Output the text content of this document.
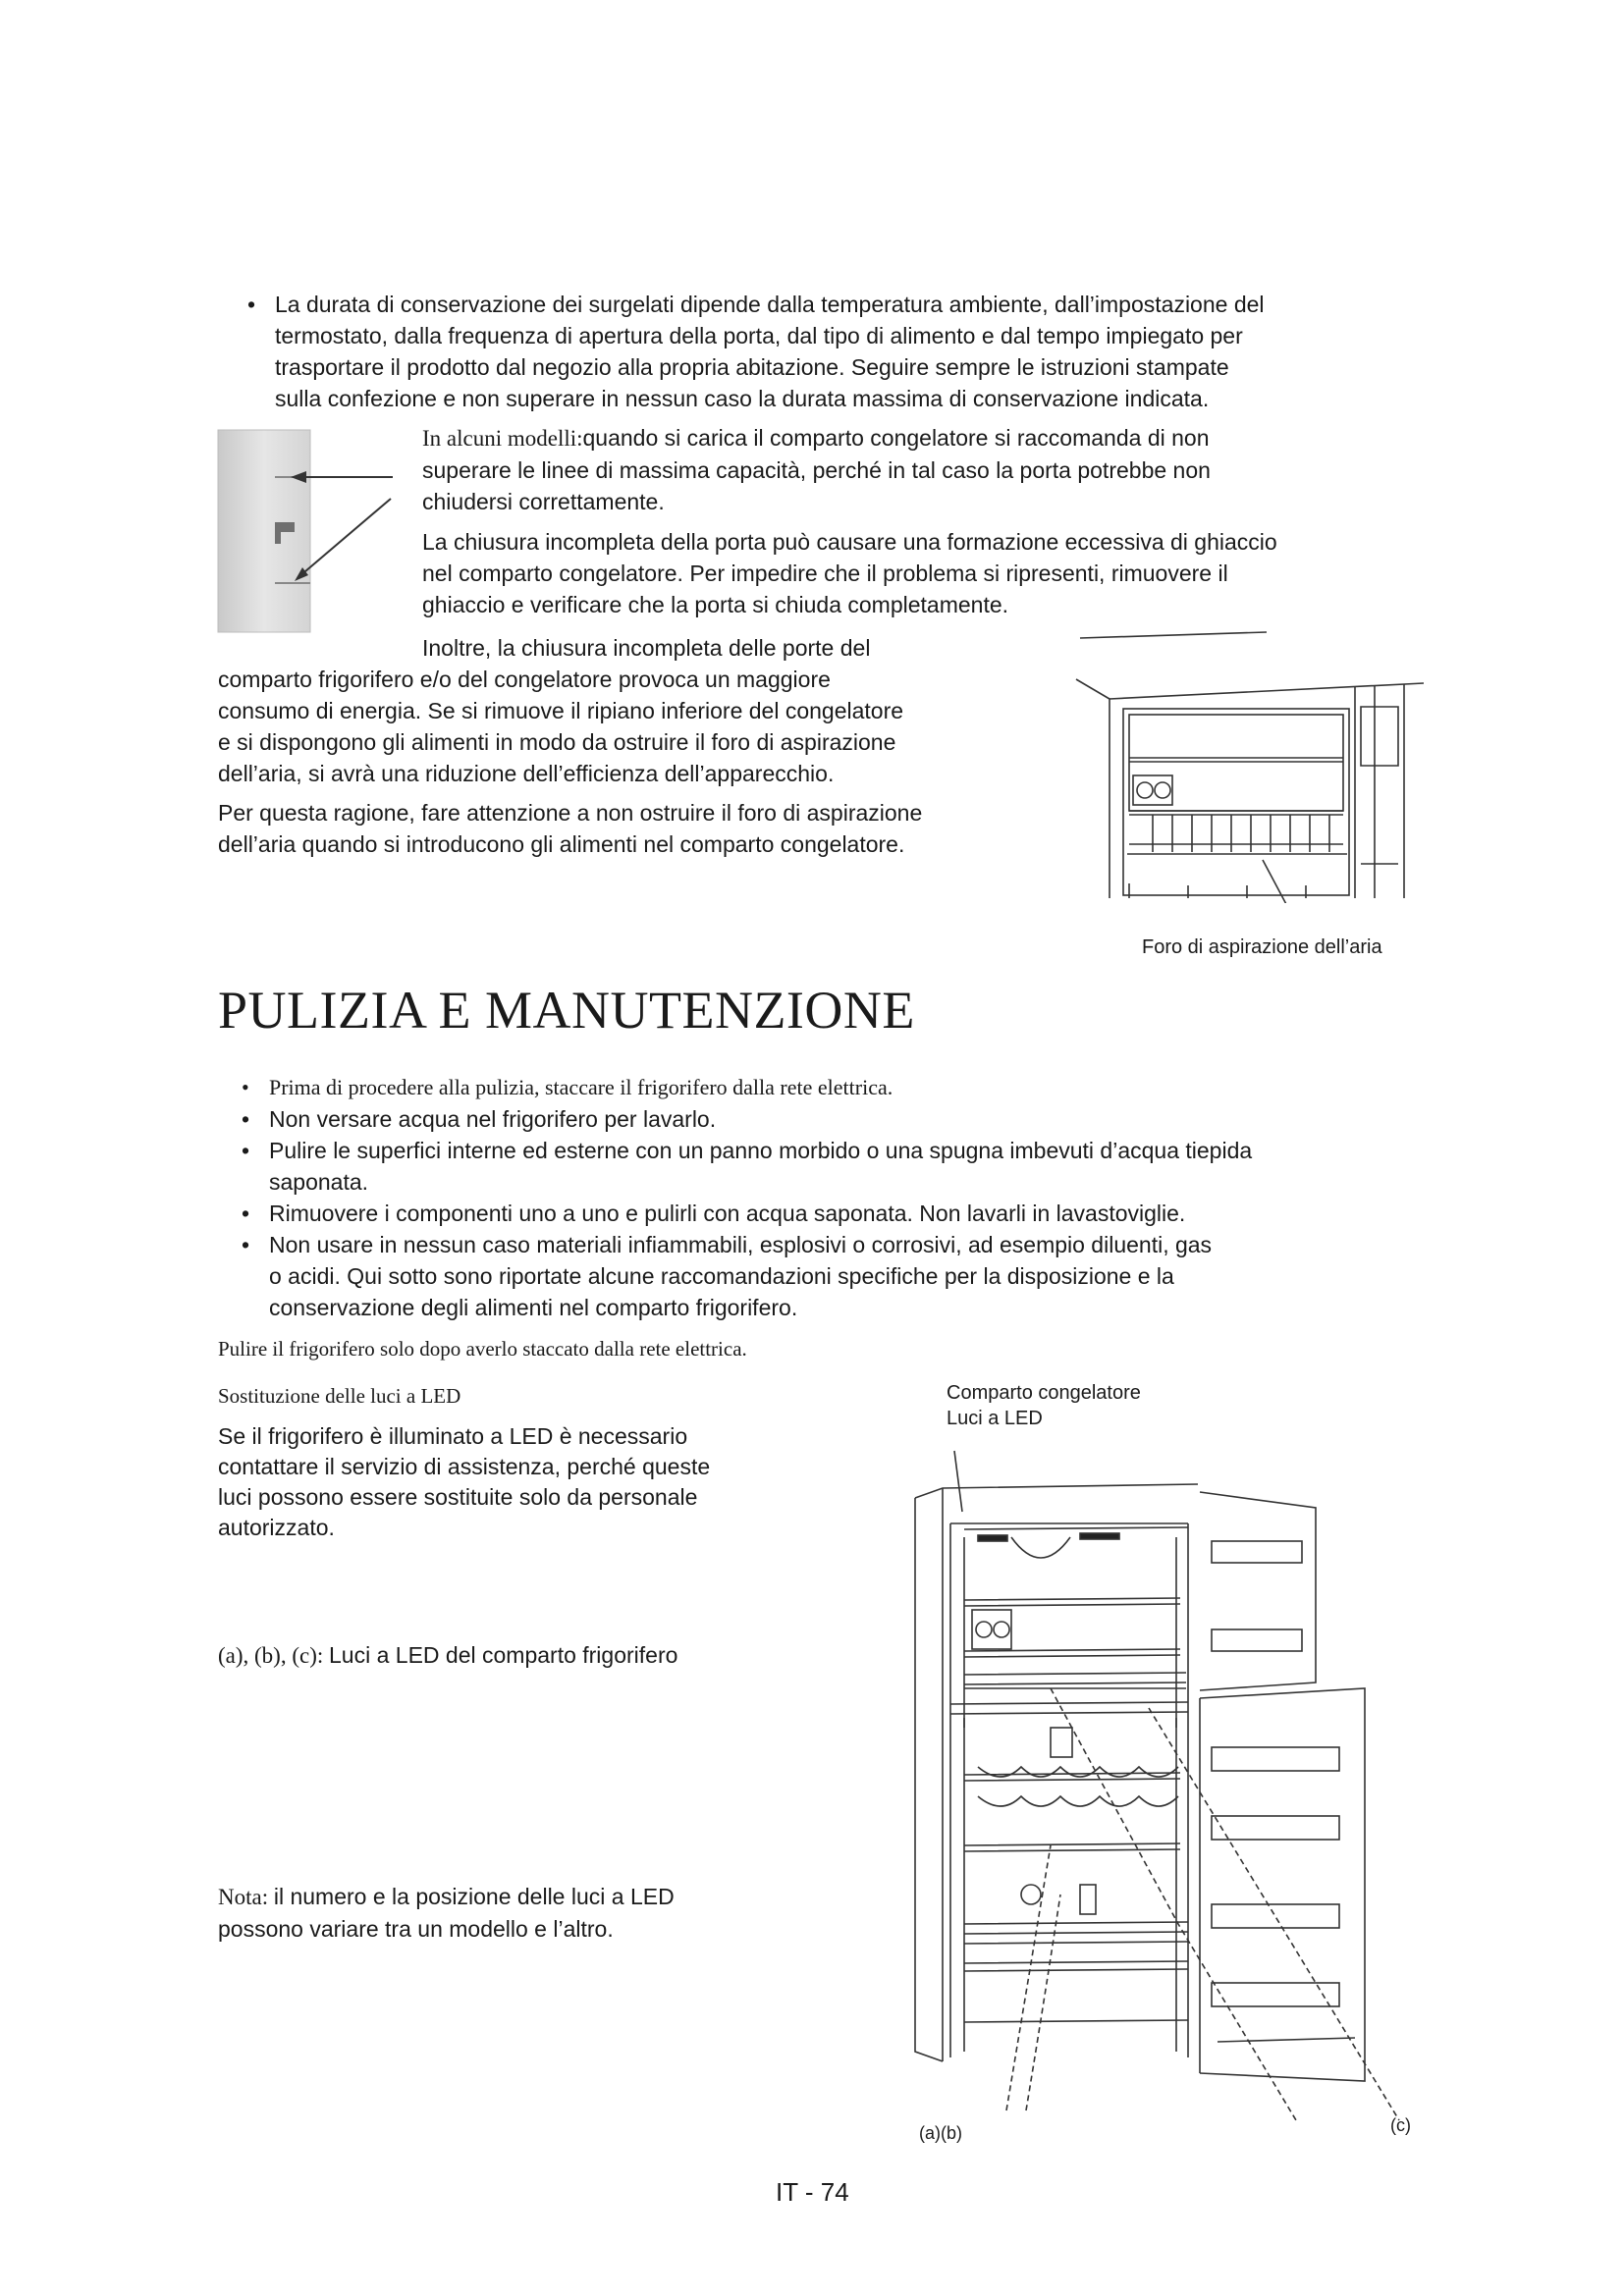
• La durata di conservazione dei surgelati dipende dalla temperatura ambiente, dall’impostazione del

termostato, dalla frequenza di apertura della porta, dal tipo di alimento e dal tempo impiegato per

trasportare il prodotto dal negozio alla propria abitazione. Seguire sempre le istruzioni stampate

sulla confezione e non superare in nessun caso la durata massima di conservazione indicata.

In alcuni modelli:quando si carica il comparto congelatore si raccomanda di non

superare le linee di massima capacità, perché in tal caso la porta potrebbe non

chiudersi correttamente.

La chiusura incompleta della porta può causare una formazione eccessiva di ghiaccio

nel comparto congelatore. Per impedire che il problema si ripresenti, rimuovere il

ghiaccio e verificare che la porta si chiuda completamente.

Inoltre, la chiusura incompleta delle porte del

comparto frigorifero e/o del congelatore provoca un maggiore

consumo di energia. Se si rimuove il ripiano inferiore del congelatore

e si dispongono gli alimenti in modo da ostruire il foro di aspirazione

dell’aria, si avrà una riduzione dell’efficienza dell’apparecchio.

Per questa ragione, fare attenzione a non ostruire il foro di aspirazione

dell’aria quando si introducono gli alimenti nel comparto congelatore.

Foro di aspirazione dell’aria
PULIZIA E MANUTENZIONE
• Prima di procedere alla pulizia, staccare il frigorifero dalla rete elettrica.

• Non versare acqua nel frigorifero per lavarlo.

• Pulire le superfici interne ed esterne con un panno morbido o una spugna imbevuti d’acqua tiepida

saponata.

• Rimuovere i componenti uno a uno e pulirli con acqua saponata. Non lavarli in lavastoviglie.

• Non usare in nessun caso materiali infiammabili, esplosivi o corrosivi, ad esempio diluenti, gas

o acidi. Qui sotto sono riportate alcune raccomandazioni specifiche per la disposizione e la

conservazione degli alimenti nel comparto frigorifero.

Pulire il frigorifero solo dopo averlo staccato dalla rete elettrica.
Sostituzione delle luci a LED

Se il frigorifero è illuminato a LED è necessario

contattare il servizio di assistenza, perché queste

luci possono essere sostituite solo da personale

autorizzato.

(a), (b), (c): Luci a LED del comparto frigorifero

Nota: il numero e la posizione delle luci a LED

possono variare tra un modello e l’altro.

Comparto congelatore
Luci a LED
(a)(b)	(c)
IT - 74
